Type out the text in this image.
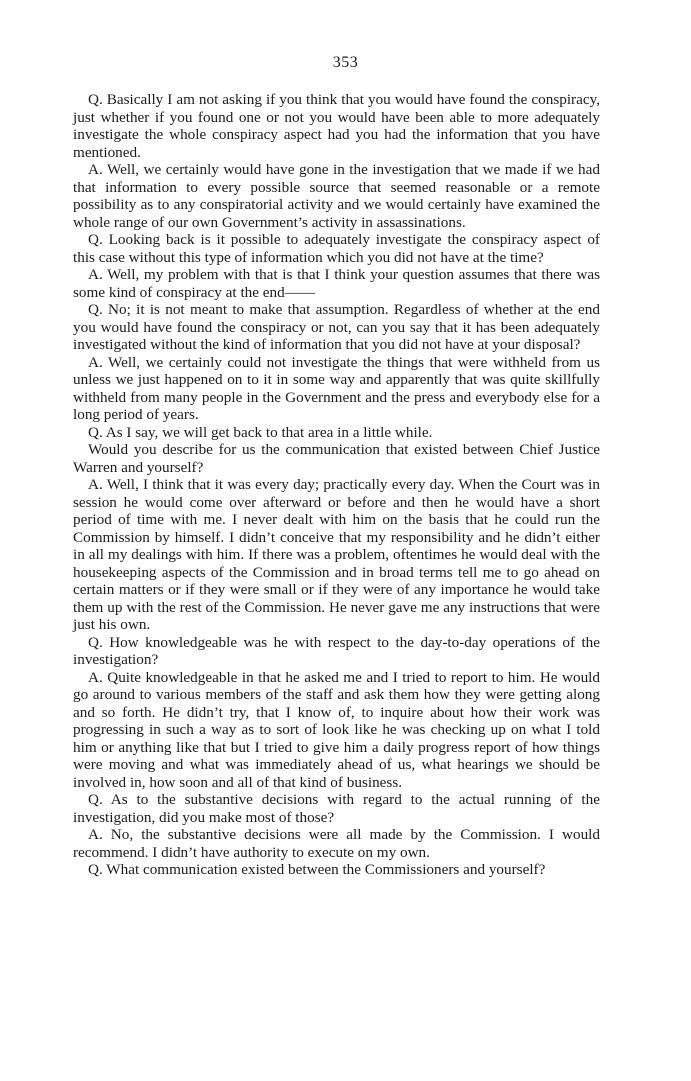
353

Q. Basically I am not asking if you think that you would have found the conspiracy, just whether if you found one or not you would have been able to more adequately investigate the whole conspiracy aspect had you had the information that you have mentioned.

A. Well, we certainly would have gone in the investigation that we made if we had that information to every possible source that seemed reasonable or a remote possibility as to any conspiratorial activity and we would certainly have examined the whole range of our own Government’s activity in assassinations.

Q. Looking back is it possible to adequately investigate the conspiracy aspect of this case without this type of information which you did not have at the time?

A. Well, my problem with that is that I think your question assumes that there was some kind of conspiracy at the end——

Q. No; it is not meant to make that assumption. Regardless of whether at the end you would have found the conspiracy or not, can you say that it has been adequately investigated without the kind of information that you did not have at your disposal?

A. Well, we certainly could not investigate the things that were withheld from us unless we just happened on to it in some way and apparently that was quite skillfully withheld from many people in the Government and the press and everybody else for a long period of years.

Q. As I say, we will get back to that area in a little while.

Would you describe for us the communication that existed between Chief Justice Warren and yourself?

A. Well, I think that it was every day; practically every day. When the Court was in session he would come over afterward or before and then he would have a short period of time with me. I never dealt with him on the basis that he could run the Commission by himself. I didn’t conceive that my responsibility and he didn’t either in all my dealings with him. If there was a problem, oftentimes he would deal with the housekeeping aspects of the Commission and in broad terms tell me to go ahead on certain matters or if they were small or if they were of any importance he would take them up with the rest of the Commission. He never gave me any instructions that were just his own.

Q. How knowledgeable was he with respect to the day-to-day operations of the investigation?

A. Quite knowledgeable in that he asked me and I tried to report to him. He would go around to various members of the staff and ask them how they were getting along and so forth. He didn’t try, that I know of, to inquire about how their work was progressing in such a way as to sort of look like he was checking up on what I told him or anything like that but I tried to give him a daily progress report of how things were moving and what was immediately ahead of us, what hearings we should be involved in, how soon and all of that kind of business.

Q. As to the substantive decisions with regard to the actual running of the investigation, did you make most of those?

A. No, the substantive decisions were all made by the Commission. I would recommend. I didn’t have authority to execute on my own.

Q. What communication existed between the Commissioners and yourself?
